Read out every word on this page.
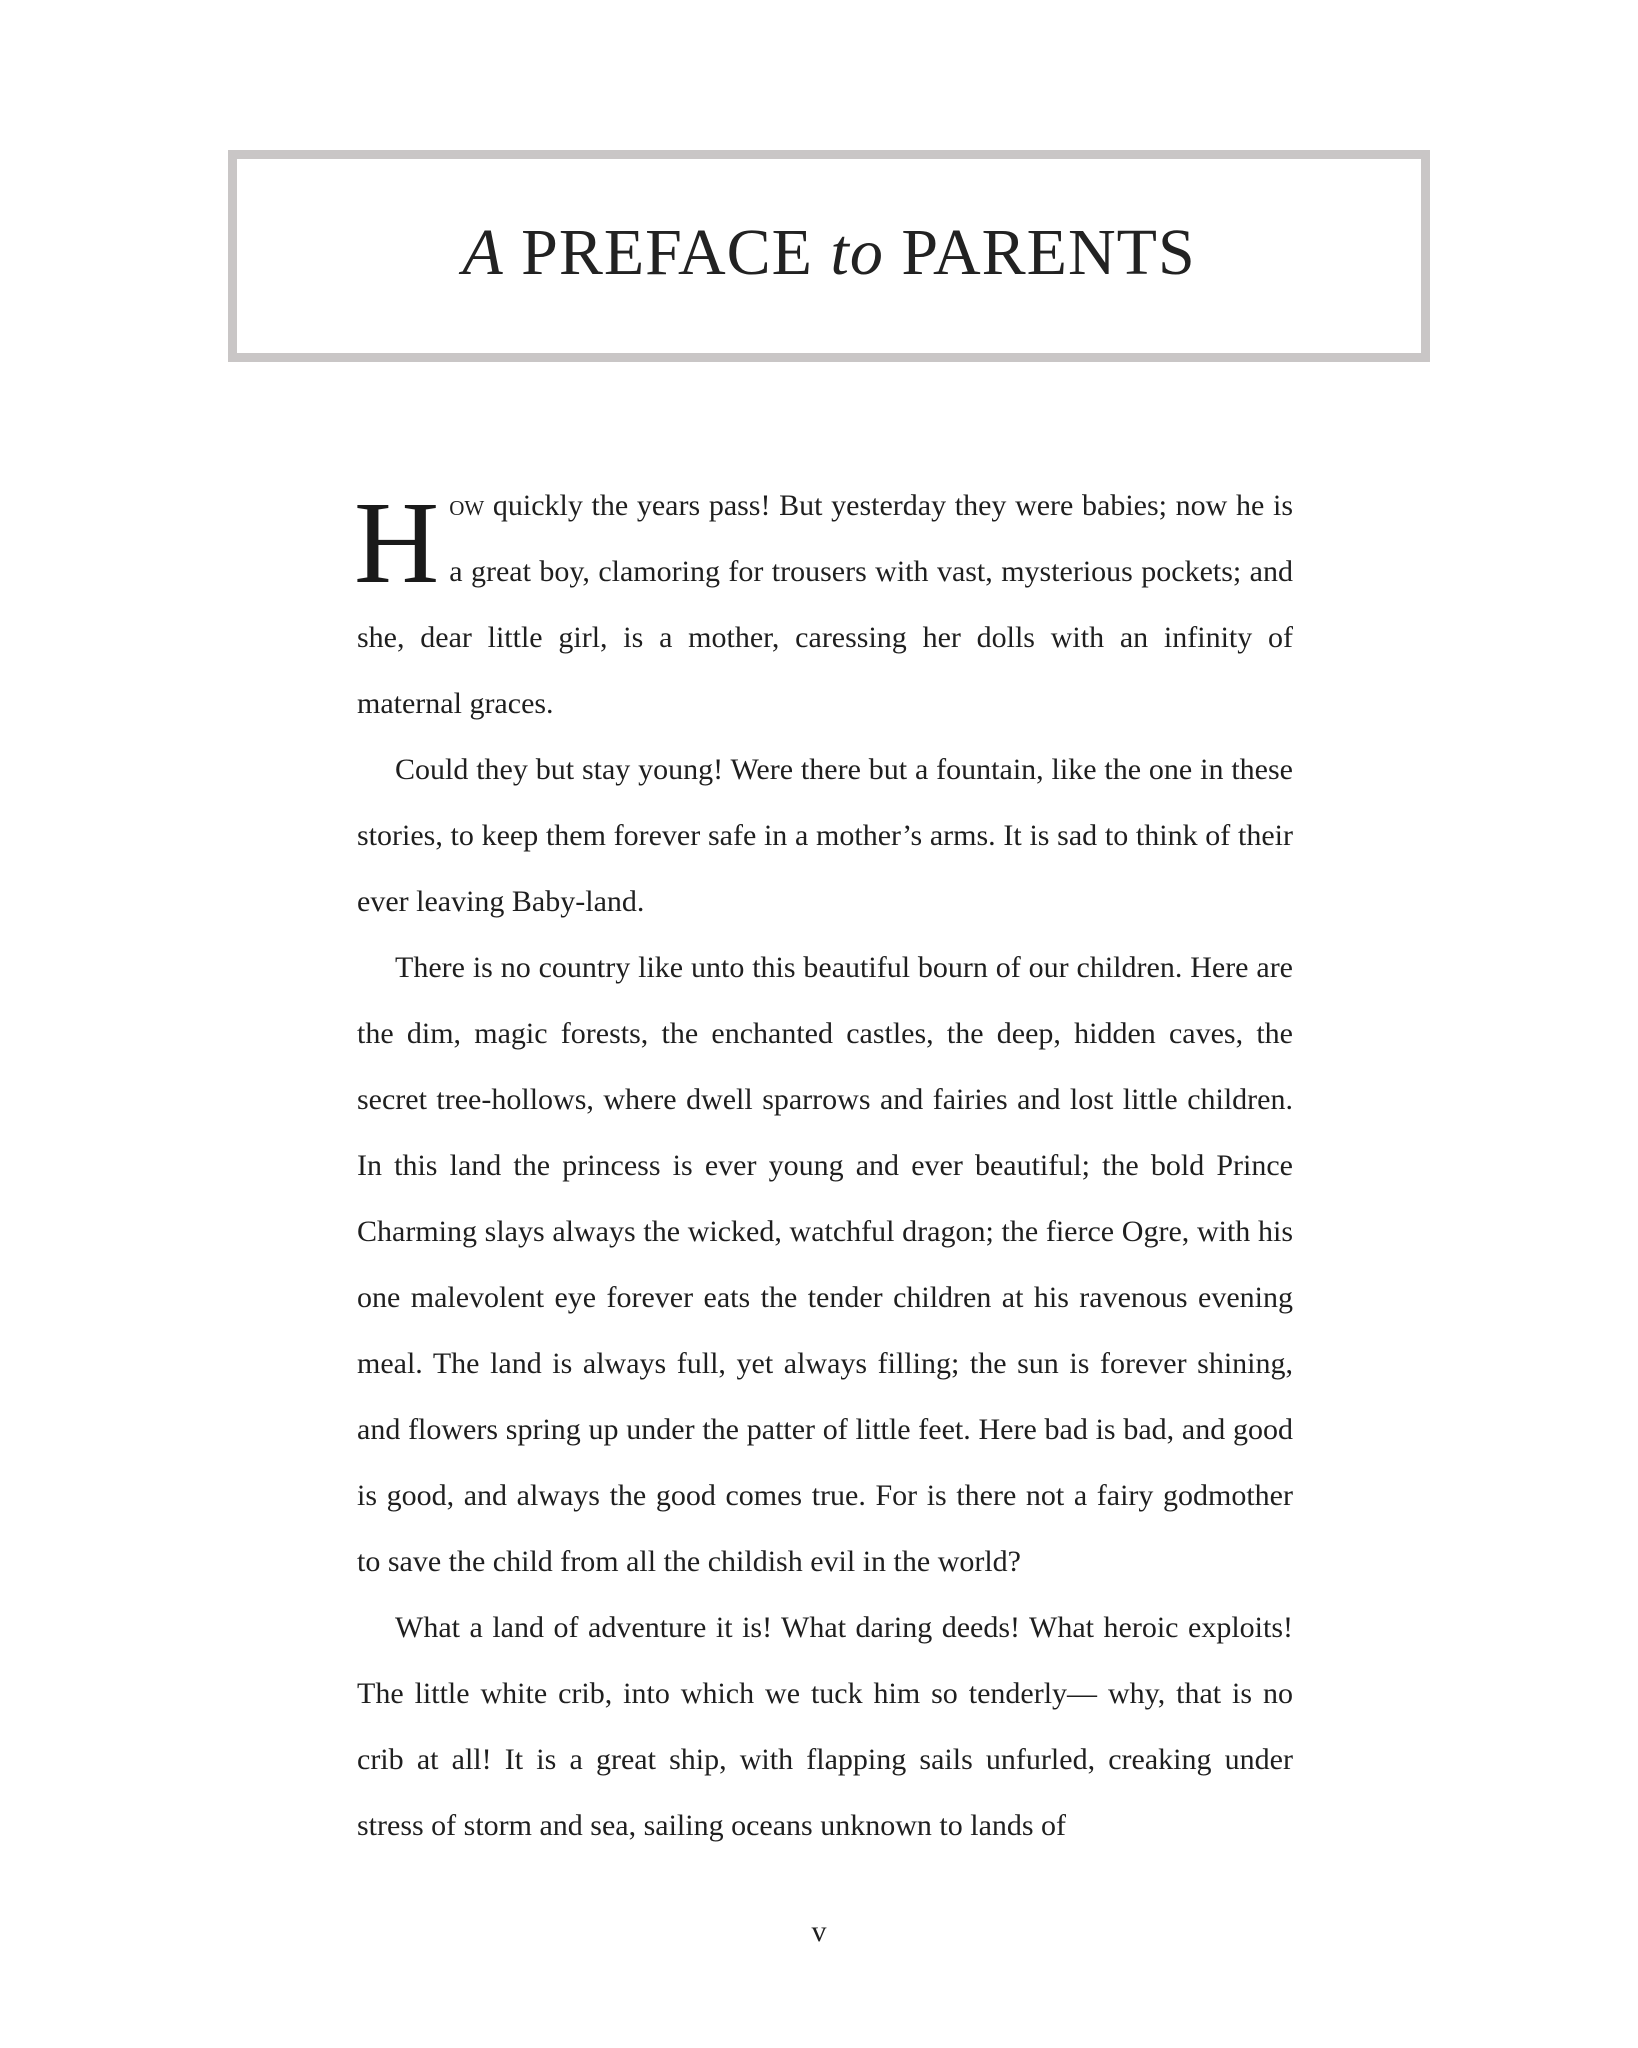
A PREFACE to PARENTS

How quickly the years pass! But yesterday they were babies; now he is a great boy, clamoring for trousers with vast, mysterious pockets; and she, dear little girl, is a mother, caressing her dolls with an infinity of maternal graces.

Could they but stay young! Were there but a fountain, like the one in these stories, to keep them forever safe in a mother’s arms. It is sad to think of their ever leaving Baby-land.

There is no country like unto this beautiful bourn of our children. Here are the dim, magic forests, the enchanted castles, the deep, hidden caves, the secret tree-hollows, where dwell sparrows and fairies and lost little children. In this land the princess is ever young and ever beautiful; the bold Prince Charming slays always the wicked, watchful dragon; the fierce Ogre, with his one malevolent eye forever eats the tender children at his ravenous evening meal. The land is always full, yet always filling; the sun is forever shining, and flowers spring up under the patter of little feet. Here bad is bad, and good is good, and always the good comes true. For is there not a fairy godmother to save the child from all the childish evil in the world?

What a land of adventure it is! What daring deeds! What heroic exploits! The little white crib, into which we tuck him so tenderly— why, that is no crib at all! It is a great ship, with flapping sails unfurled, creaking under stress of storm and sea, sailing oceans unknown to lands of

v
